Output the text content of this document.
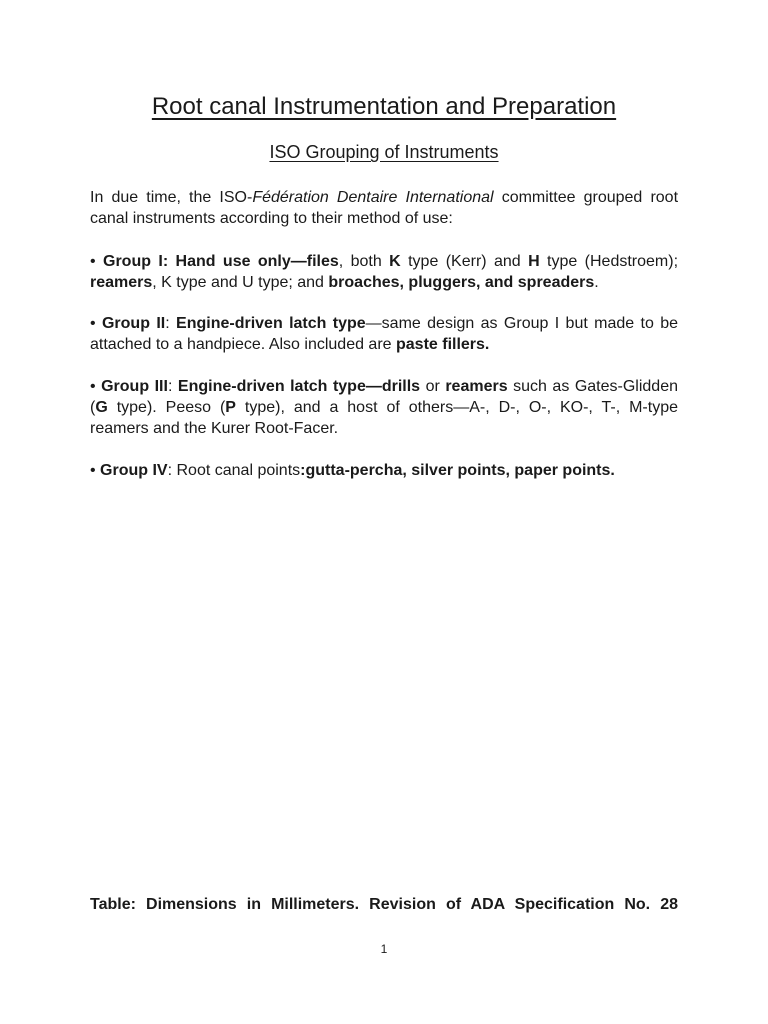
Root canal Instrumentation and Preparation
ISO Grouping of Instruments

In due time, the ISO-Fédération Dentaire International committee grouped root canal instruments according to their method of use:

• Group I: Hand use only—files, both K type (Kerr) and H type (Hedstroem); reamers, K type and U type; and broaches, pluggers, and spreaders.

• Group II: Engine-driven latch type—same design as Group I but made to be attached to a handpiece. Also included are paste fillers.

• Group III: Engine-driven latch type—drills or reamers such as Gates-Glidden (G type). Peeso (P type), and a host of others—A-, D-, O-, KO-, T-, M-type reamers and the Kurer Root-Facer.

• Group IV: Root canal points:gutta-percha, silver points, paper points.

Table: Dimensions in Millimeters. Revision of ADA Specification No. 28

1
